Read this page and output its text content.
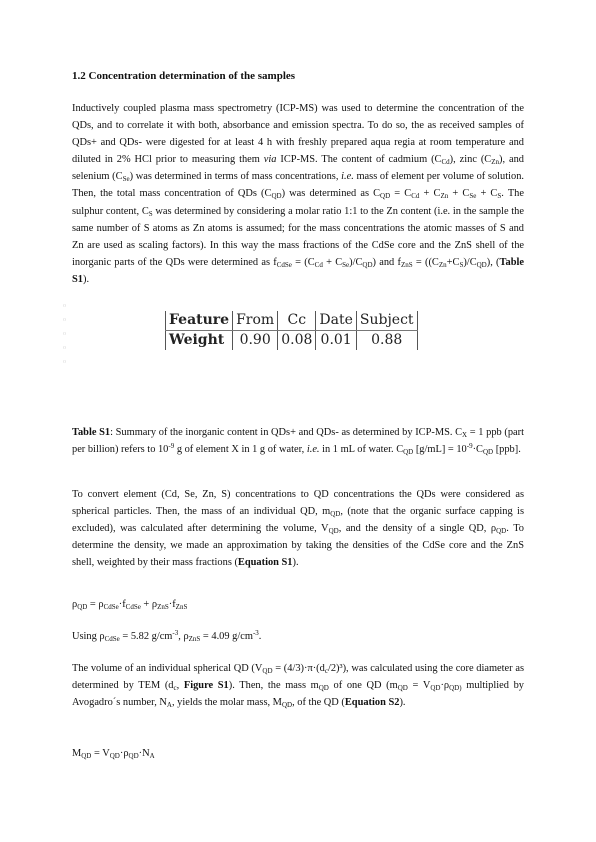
1.2 Concentration determination of the samples
Inductively coupled plasma mass spectrometry (ICP-MS) was used to determine the concentration of the QDs, and to correlate it with both, absorbance and emission spectra. To do so, the as received samples of QDs+ and QDs- were digested for at least 4 h with freshly prepared aqua regia at room temperature and diluted in 2% HCl prior to measuring them via ICP-MS. The content of cadmium $(C_{Cd})$, zinc $(C_{Zn})$, and selenium $(C_{Se})$ was determined in terms of mass concentrations, i.e. mass of element per volume of solution. Then, the total mass concentration of QDs $(C_{QD})$ was determined as $C_{QD} = C_{Cd} + C_{Zn} + C_{Se} + C_S$. The sulphur content, $C_S$ was determined by considering a molar ratio 1:1 to the Zn content (i.e. in the sample the same number of S atoms as Zn atoms is assumed; for the mass concentrations the atomic masses of S and Zn are used as scaling factors). In this way the mass fractions of the CdSe core and the ZnS shell of the inorganic parts of the QDs were determined as $f_{CdSe} = (C_{Cd} + C_{Se})/C_{QD}$) and $f_{ZnS} = ((C_{Zn}+C_S)/C_{QD})$, (Table S1).
o
o
o
o
o
Feature	From	Cc	Date	Subject
Weight	0.90	0.08	0.01	0.88
Table S1: Summary of the inorganic content in QDs+ and QDs- as determined by ICP-MS. $C_X = 1$ ppb (part per billion) refers to $10^{-9}$ g of element X in 1 g of water, i.e. in 1 mL of water. $C_{QD}$ $[g/mL] = 10^{-9}\cdot C_{QD}$ [ppb].
To convert element (Cd, Se, Zn, S) concentrations to QD concentrations the QDs were considered as spherical particles. Then, the mass of an individual QD, $m_{QD}$, (note that the organic surface capping is excluded), was calculated after determining the volume, $V_{QD}$, and the density of a single QD, $\rho_{QD}$. To determine the density, we made an approximation by taking the densities of the CdSe core and the ZnS shell, weighted by their mass fractions (Equation S1).
$\rho_{QD} = \rho_{CdSe}\cdot f_{CdSe} + \rho_{ZnS}\cdot f_{ZnS}$
Using $\rho_{CdSe} = 5.82$ $g/cm^{-3}$, $\rho_{ZnS} = 4.09$ $g/cm^{-3}$.
The volume of an individual spherical QD $(V_{QD} = (4/3)\cdot\pi\cdot(d_c/2)^3)$, was calculated using the core diameter as determined by TEM ($d_c$, Figure S1). Then, the mass $m_{QD}$ of one QD ($m_{QD} = V_{QD}\cdot\rho_{QD)}$ multiplied by Avogadro´s number, $N_A$, yields the molar mass, $M_{QD}$, of the QD (Equation S2).
$M_{QD} = V_{QD}\cdot\rho_{QD}\cdot N_A$
